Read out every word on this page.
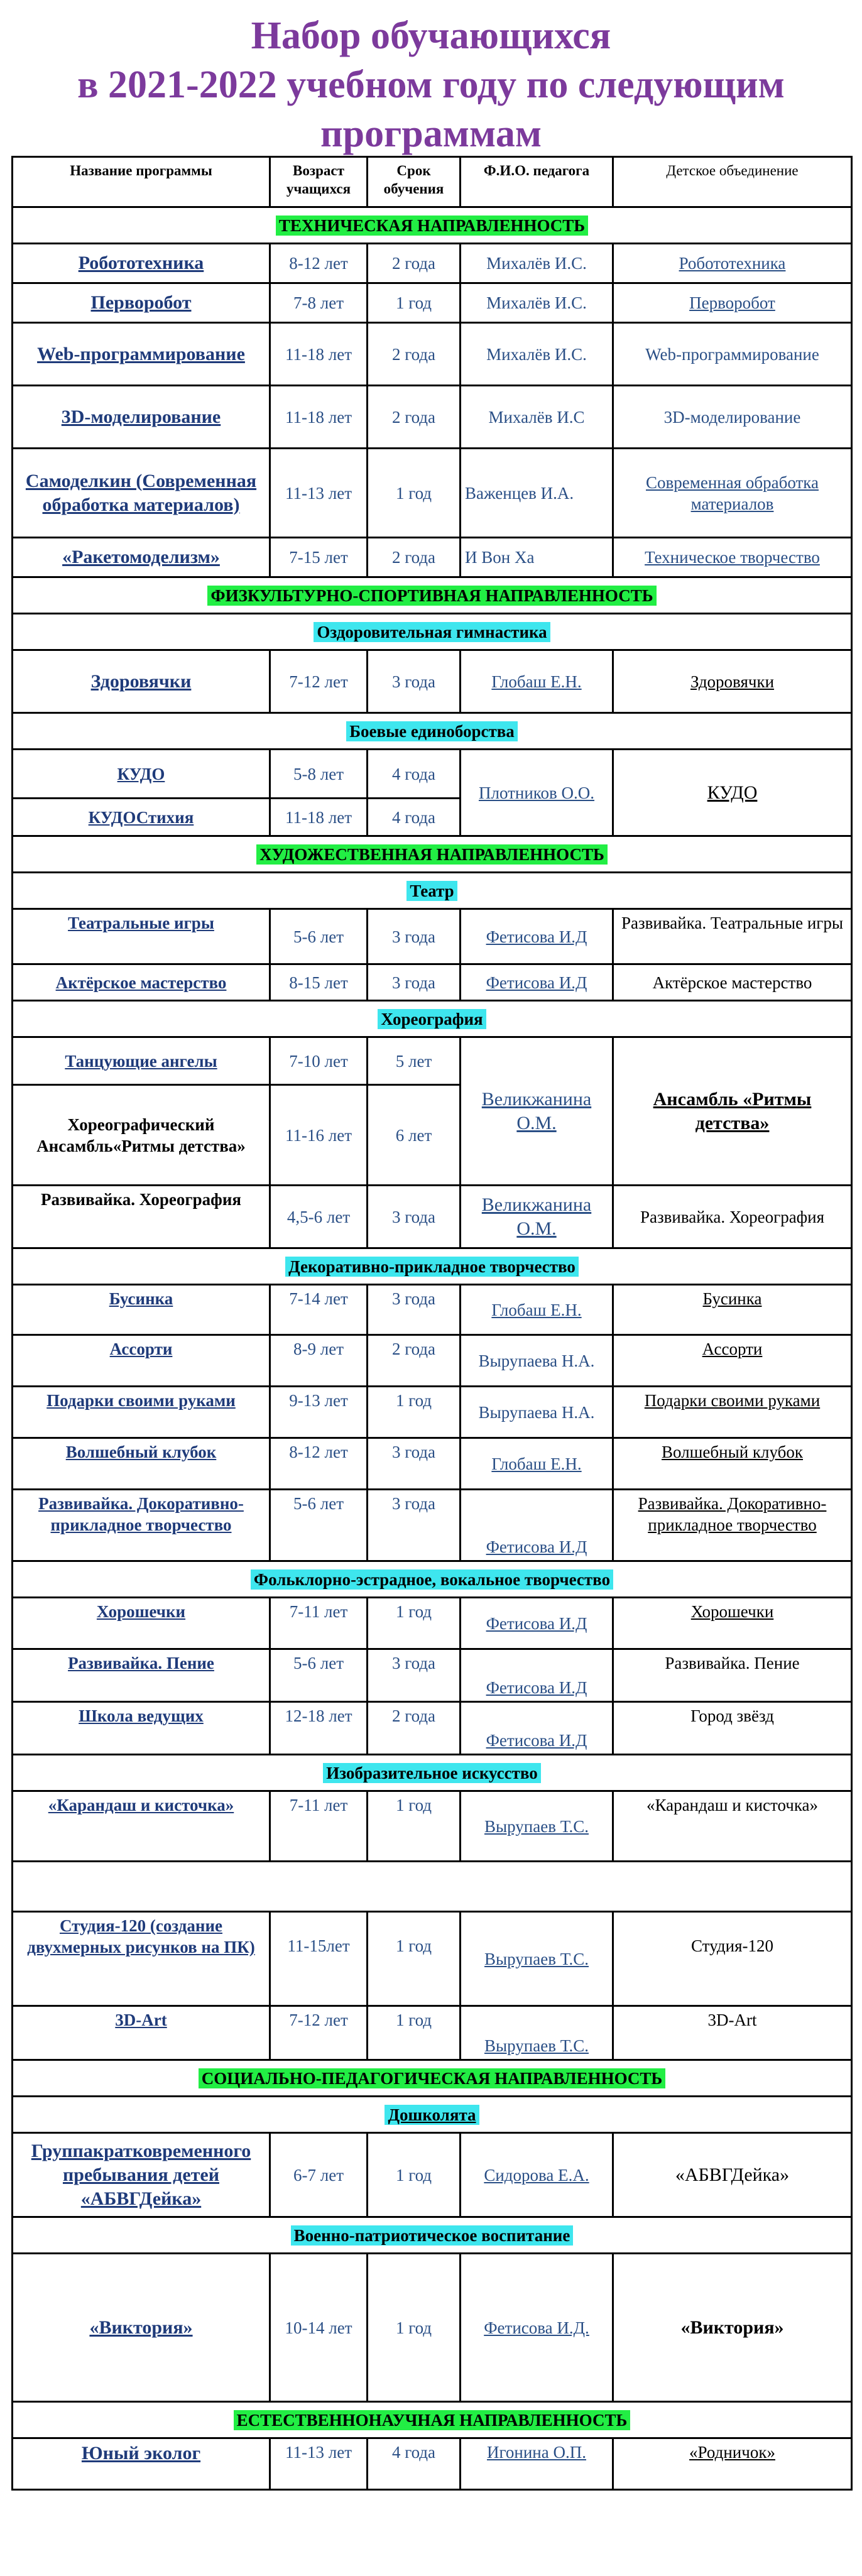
Набор обучающихся
в 2021-2022 учебном году по следующим
программам
Название программы	Возраст учащихся	Срок обучения	Ф.И.О. педагога	Детское объединение
ТЕХНИЧЕСКАЯ НАПРАВЛЕННОСТЬ				
Робототехника	8-12 лет	2 года	Михалёв И.С.	Робототехника
Перворобот	7-8 лет	1 год	Михалёв И.С.	Перворобот
Web-программирование	11-18 лет	2 года	Михалёв И.С.	Web-программирование
3D-моделирование	11-18 лет	2 года	Михалёв И.С	3D-моделирование
Самоделкин (Современная обработка материалов)	11-13 лет	1 год	Важенцев И.А.	Современная обработка материалов
«Ракетомоделизм»	7-15 лет	2 года	И Вон Ха	Техническое творчество
ФИЗКУЛЬТУРНО-СПОРТИВНАЯ НАПРАВЛЕННОСТЬ				
Оздоровительная гимнастика				
Здоровячки	7-12 лет	3 года	Глобаш Е.Н.	Здоровячки
Боевые единоборства				
КУДО	5-8 лет	4 года	Плотников О.О.	КУДО
КУДОСтихия	11-18 лет	4 года		
ХУДОЖЕСТВЕННАЯ НАПРАВЛЕННОСТЬ				
Театр				
Театральные игры	5-6 лет	3 года	Фетисова И.Д	Развивайка. Театральные игры
Актёрское мастерство	8-15 лет	3 года	Фетисова И.Д	Актёрское мастерство
Хореография				
Танцующие ангелы	7-10 лет	5 лет	Великжанина О.М.	Ансамбль «Ритмы детства»
Хореографический Ансамбль«Ритмы детства»	11-16 лет	6 лет		
Развивайка. Хореография	4,5-6 лет	3 года	Великжанина О.М.	Развивайка. Хореография
Декоративно-прикладное творчество				
Бусинка	7-14 лет	3 года	Глобаш Е.Н.	Бусинка
Ассорти	8-9 лет	2 года	Вырупаева Н.А.	Ассорти
Подарки своими руками	9-13 лет	1 год	Вырупаева Н.А.	Подарки своими руками
Волшебный клубок	8-12 лет	3 года	Глобаш Е.Н.	Волшебный клубок
Развивайка. Докоративно-прикладное творчество	5-6 лет	3 года	Фетисова И.Д	Развивайка. Докоративно-прикладное творчество
Фольклорно-эстрадное, вокальное творчество				
Хорошечки	7-11 лет	1 год	Фетисова И.Д	Хорошечки
Развивайка. Пение	5-6 лет	3 года	Фетисова И.Д	Развивайка. Пение
Школа ведущих	12-18 лет	2 года	Фетисова И.Д	Город звёзд
Изобразительное искусство				
«Карандаш и кисточка»	7-11 лет	1 год	Вырупаев Т.С.	«Карандаш и кисточка»

Студия-120 (создание двухмерных рисунков на ПК)	11-15лет	1 год	Вырупаев Т.С.	Студия-120
3D-Art	7-12 лет	1 год	Вырупаев Т.С.	3D-Art
СОЦИАЛЬНО-ПЕДАГОГИЧЕСКАЯ НАПРАВЛЕННОСТЬ				
Дошколята				
Группакратковременного пребывания детей «АБВГДейка»	6-7 лет	1 год	Сидорова Е.А.	«АБВГДейка»
Военно-патриотическое воспитание				
«Виктория»	10-14 лет	1 год	Фетисова И.Д.	«Виктория»
ЕСТЕСТВЕННОНАУЧНАЯ НАПРАВЛЕННОСТЬ				
Юный эколог	11-13 лет	4 года	Игонина О.П.	«Родничок»
